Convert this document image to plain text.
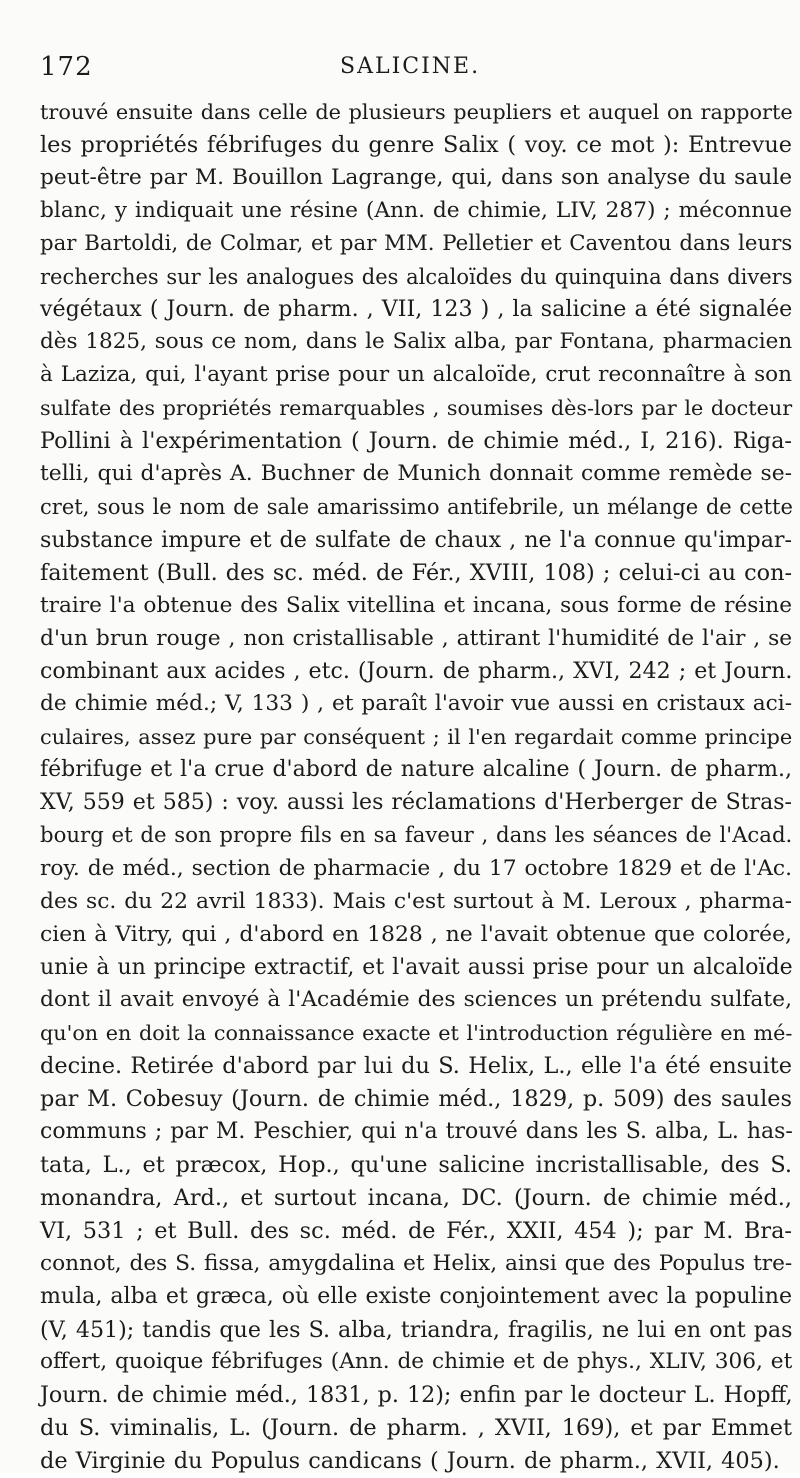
172	SALICINE.

trouvé ensuite dans celle de plusieurs peupliers et auquel on rapporte
les propriétés fébrifuges du genre Salix ( voy. ce mot ): Entrevue
peut-être par M. Bouillon Lagrange, qui, dans son analyse du saule
blanc, y indiquait une résine (Ann. de chimie, LIV, 287) ; méconnue
par Bartoldi, de Colmar, et par MM. Pelletier et Caventou dans leurs
recherches sur les analogues des alcaloïdes du quinquina dans divers
végétaux ( Journ. de pharm. , VII, 123 ) , la salicine a été signalée
dès 1825, sous ce nom, dans le Salix alba, par Fontana, pharmacien
à Laziza, qui, l'ayant prise pour un alcaloïde, crut reconnaître à son
sulfate des propriétés remarquables , soumises dès-lors par le docteur
Pollini à l'expérimentation ( Journ. de chimie méd., I, 216). Riga-
telli, qui d'après A. Buchner de Munich donnait comme remède se-
cret, sous le nom de sale amarissimo antifebrile, un mélange de cette
substance impure et de sulfate de chaux , ne l'a connue qu'impar-
faitement (Bull. des sc. méd. de Fér., XVIII, 108) ; celui-ci au con-
traire l'a obtenue des Salix vitellina et incana, sous forme de résine
d'un brun rouge , non cristallisable , attirant l'humidité de l'air , se
combinant aux acides , etc. (Journ. de pharm., XVI, 242 ; et Journ.
de chimie méd.; V, 133 ) , et paraît l'avoir vue aussi en cristaux aci-
culaires, assez pure par conséquent ; il l'en regardait comme principe
fébrifuge et l'a crue d'abord de nature alcaline ( Journ. de pharm.,
XV, 559 et 585) : voy. aussi les réclamations d'Herberger de Stras-
bourg et de son propre fils en sa faveur , dans les séances de l'Acad.
roy. de méd., section de pharmacie , du 17 octobre 1829 et de l'Ac.
des sc. du 22 avril 1833). Mais c'est surtout à M. Leroux , pharma-
cien à Vitry, qui , d'abord en 1828 , ne l'avait obtenue que colorée,
unie à un principe extractif, et l'avait aussi prise pour un alcaloïde
dont il avait envoyé à l'Académie des sciences un prétendu sulfate,
qu'on en doit la connaissance exacte et l'introduction régulière en mé-
decine. Retirée d'abord par lui du S. Helix, L., elle l'a été ensuite
par M. Cobesuy (Journ. de chimie méd., 1829, p. 509) des saules
communs ; par M. Peschier, qui n'a trouvé dans les S. alba, L. has-
tata, L., et præcox, Hop., qu'une salicine incristallisable, des S.
monandra, Ard., et surtout incana, DC. (Journ. de chimie méd.,
VI, 531 ; et Bull. des sc. méd. de Fér., XXII, 454 ); par M. Bra-
connot, des S. fissa, amygdalina et Helix, ainsi que des Populus tre-
mula, alba et græca, où elle existe conjointement avec la populine
(V, 451); tandis que les S. alba, triandra, fragilis, ne lui en ont pas
offert, quoique fébrifuges (Ann. de chimie et de phys., XLIV, 306, et
Journ. de chimie méd., 1831, p. 12); enfin par le docteur L. Hopff,
du S. viminalis, L. (Journ. de pharm. , XVII, 169), et par Emmet
de Virginie du Populus candicans ( Journ. de pharm., XVII, 405).
